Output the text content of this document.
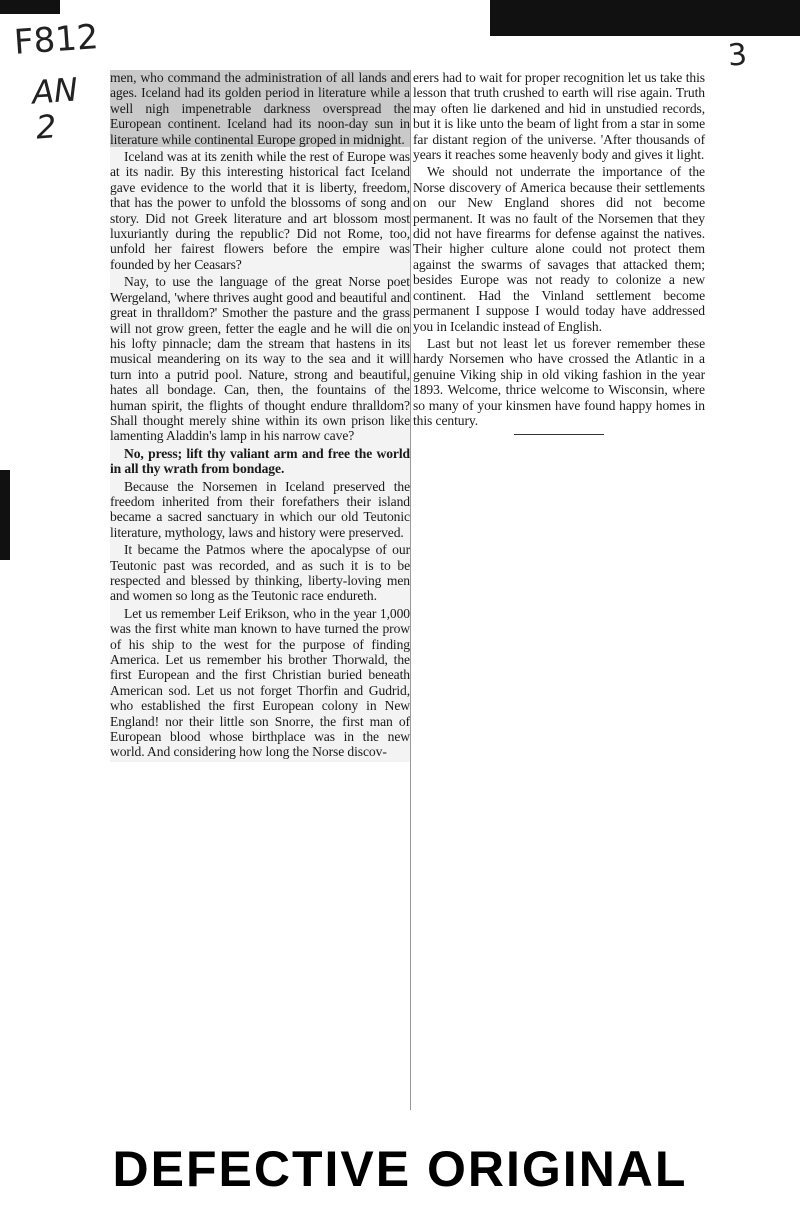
F812
AN
2
3

men, who command the administration of all lands and ages. Iceland had its golden period in literature while a well nigh impenetrable darkness overspread the European continent. Iceland had its noon-day sun in literature while continental Europe groped in midnight.

Iceland was at its zenith while the rest of Europe was at its nadir. By this interesting historical fact Iceland gave evidence to the world that it is liberty, freedom, that has the power to unfold the blossoms of song and story. Did not Greek literature and art blossom most luxuriantly during the republic? Did not Rome, too, unfold her fairest flowers before the empire was founded by her Ceasars?

Nay, to use the language of the great Norse poet Wergeland, 'where thrives aught good and beautiful and great in thralldom?' Smother the pasture and the grass will not grow green, fetter the eagle and he will die on his lofty pinnacle; dam the stream that hastens in its musical meandering on its way to the sea and it will turn into a putrid pool. Nature, strong and beautiful, hates all bondage. Can, then, the fountains of the human spirit, the flights of thought endure thralldom? Shall thought merely shine within its own prison like lamenting Aladdin's lamp in his narrow cave?

No, press; lift thy valiant arm and free the world in all thy wrath from bondage.

Because the Norsemen in Iceland preserved the freedom inherited from their forefathers their island became a sacred sanctuary in which our old Teutonic literature, mythology, laws and history were preserved.

It became the Patmos where the apocalypse of our Teutonic past was recorded, and as such it is to be respected and blessed by thinking, liberty-loving men and women so long as the Teutonic race endureth.

Let us remember Leif Erikson, who in the year 1,000 was the first white man known to have turned the prow of his ship to the west for the purpose of finding America. Let us remember his brother Thorwald, the first European and the first Christian buried beneath American sod. Let us not forget Thorfin and Gudrid, who established the first European colony in New England! nor their little son Snorre, the first man of European blood whose birthplace was in the new world. And considering how long the Norse discov-

erers had to wait for proper recognition let us take this lesson that truth crushed to earth will rise again. Truth may often lie darkened and hid in unstudied records, but it is like unto the beam of light from a star in some far distant region of the universe. 'After thousands of years it reaches some heavenly body and gives it light.

We should not underrate the importance of the Norse discovery of America because their settlements on our New England shores did not become permanent. It was no fault of the Norsemen that they did not have firearms for defense against the natives. Their higher culture alone could not protect them against the swarms of savages that attacked them; besides Europe was not ready to colonize a new continent. Had the Vinland settlement become permanent I suppose I would today have addressed you in Icelandic instead of English.

Last but not least let us forever remember these hardy Norsemen who have crossed the Atlantic in a genuine Viking ship in old viking fashion in the year 1893. Welcome, thrice welcome to Wisconsin, where so many of your kinsmen have found happy homes in this century.

DEFECTIVE ORIGINAL
